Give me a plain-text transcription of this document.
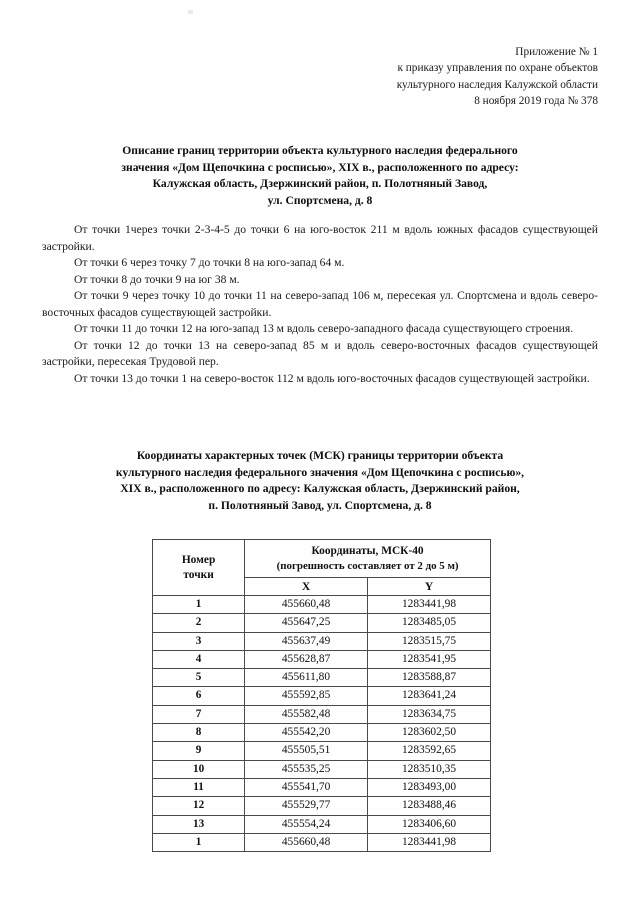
Приложение № 1
к приказу управления по охране объектов
культурного наследия Калужской области
8 ноября 2019 года № 378
Описание границ территории объекта культурного наследия федерального
значения «Дом Щепочкина с росписью», XIX в., расположенного по адресу:
Калужская область, Дзержинский район, п. Полотняный Завод,
ул. Спортсмена, д. 8

От точки 1через точки 2-3-4-5 до точки 6 на юго-восток 211 м вдоль южных фасадов существующей застройки.

От точки 6 через точку 7 до точки 8 на юго-запад 64 м.

От точки 8 до точки 9 на юг 38 м.

От точки 9 через точку 10 до точки 11 на северо-запад 106 м, пересекая ул. Спортсмена и вдоль северо-восточных фасадов существующей застройки.

От точки 11 до точки 12 на юго-запад 13 м вдоль северо-западного фасада существующего строения.

От точки 12 до точки 13 на северо-запад 85 м и вдоль северо-восточных фасадов существующей застройки, пересекая Трудовой пер.

От точки 13 до точки 1 на северо-восток 112 м вдоль юго-восточных фасадов существующей застройки.

Координаты характерных точек (МСК) границы территории объекта
культурного наследия федерального значения «Дом Щепочкина с росписью»,
XIX в., расположенного по адресу: Калужская область, Дзержинский район,
п. Полотняный Завод, ул. Спортсмена, д. 8
Номер
точки	Координаты, МСК-40
(погрешность составляет от 2 до 5 м)	
	X	Y
1	455660,48	1283441,98
2	455647,25	1283485,05
3	455637,49	1283515,75
4	455628,87	1283541,95
5	455611,80	1283588,87
6	455592,85	1283641,24
7	455582,48	1283634,75
8	455542,20	1283602,50
9	455505,51	1283592,65
10	455535,25	1283510,35
11	455541,70	1283493,00
12	455529,77	1283488,46
13	455554,24	1283406,60
1	455660,48	1283441,98
